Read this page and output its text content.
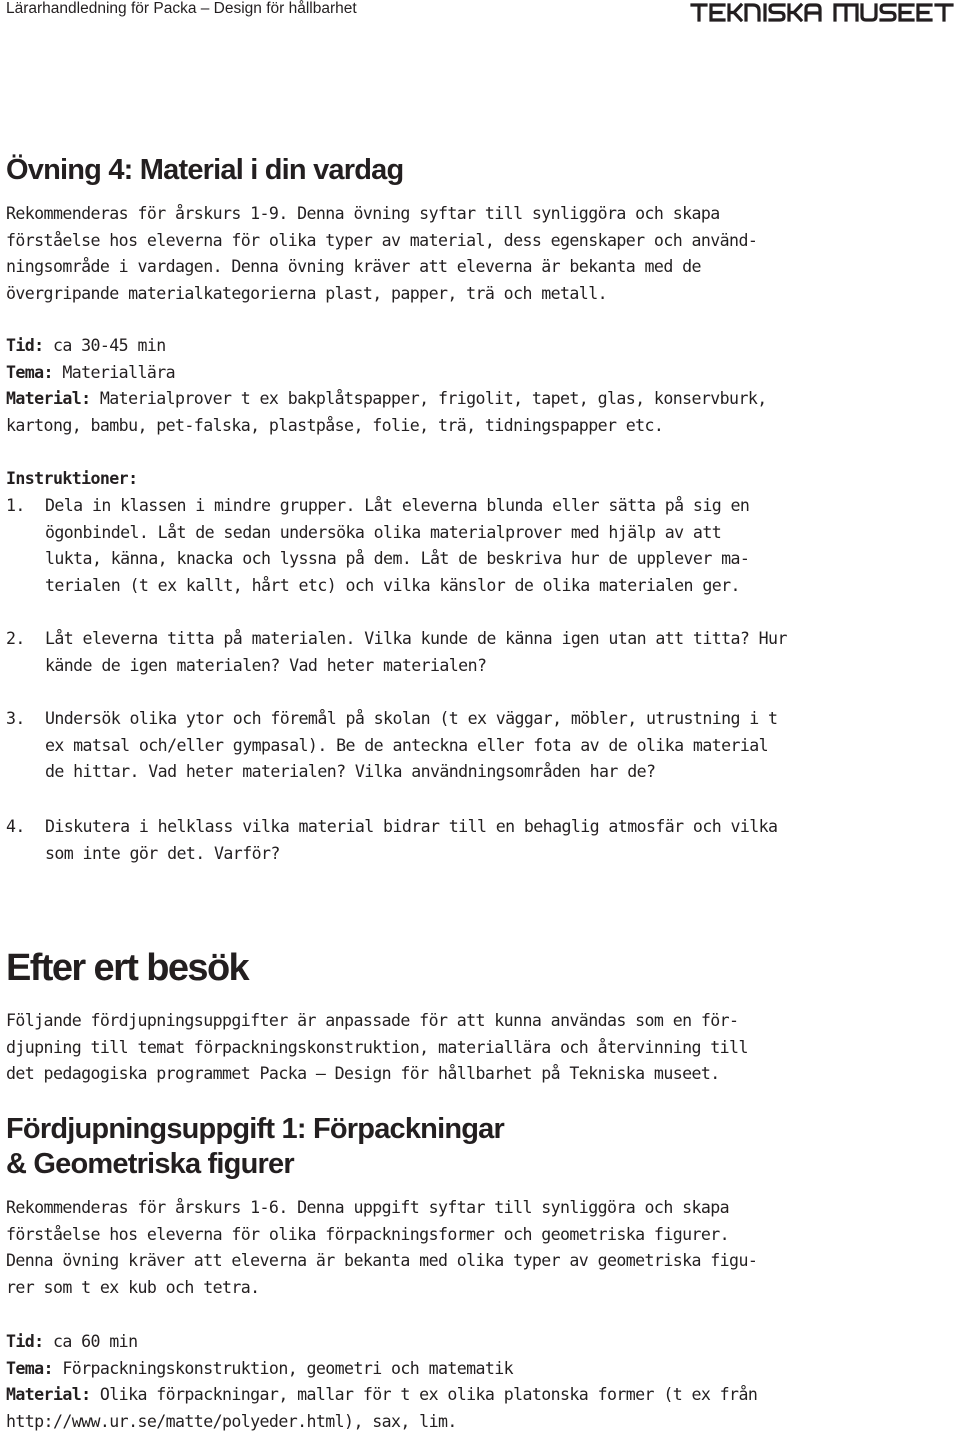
Lärarhandledning för Packa – Design för hållbarhet
Övning 4: Material i din vardag

Rekommenderas för årskurs 1-9. Denna övning syftar till synliggöra och skapa
förståelse hos eleverna för olika typer av material, dess egenskaper och använd-
ningsområde i vardagen. Denna övning kräver att eleverna är bekanta med de
övergripande materialkategorierna plast, papper, trä och metall.

Tid: ca 30-45 min
Tema: Materiallära
Material: Materialprover t ex bakplåtspapper, frigolit, tapet, glas, konservburk,
kartong, bambu, pet-falska, plastpåse, folie, trä, tidningspapper etc.

Instruktioner:

1. Dela in klassen i mindre grupper. Låt eleverna blunda eller sätta på sig en
ögonbindel. Låt de sedan undersöka olika materialprover med hjälp av att
lukta, känna, knacka och lyssna på dem. Låt de beskriva hur de upplever ma-
terialen (t ex kallt, hårt etc) och vilka känslor de olika materialen ger.
2. Låt eleverna titta på materialen. Vilka kunde de känna igen utan att titta? Hur
kände de igen materialen? Vad heter materialen?
3. Undersök olika ytor och föremål på skolan (t ex väggar, möbler, utrustning i t
ex matsal och/eller gympasal). Be de anteckna eller fota av de olika material
de hittar. Vad heter materialen? Vilka användningsområden har de?
4. Diskutera i helklass vilka material bidrar till en behaglig atmosfär och vilka
som inte gör det. Varför?
Efter ert besök

Följande fördjupningsuppgifter är anpassade för att kunna användas som en för-
djupning till temat förpackningskonstruktion, materiallära och återvinning till
det pedagogiska programmet Packa – Design för hållbarhet på Tekniska museet.

Fördjupningsuppgift 1: Förpackningar
& Geometriska figurer

Rekommenderas för årskurs 1-6. Denna uppgift syftar till synliggöra och skapa
förståelse hos eleverna för olika förpackningsformer och geometriska figurer.
Denna övning kräver att eleverna är bekanta med olika typer av geometriska figu-
rer som t ex kub och tetra.

Tid: ca 60 min
Tema: Förpackningskonstruktion, geometri och matematik
Material: Olika förpackningar, mallar för t ex olika platonska former (t ex från
http://www.ur.se/matte/polyeder.html), sax, lim.
